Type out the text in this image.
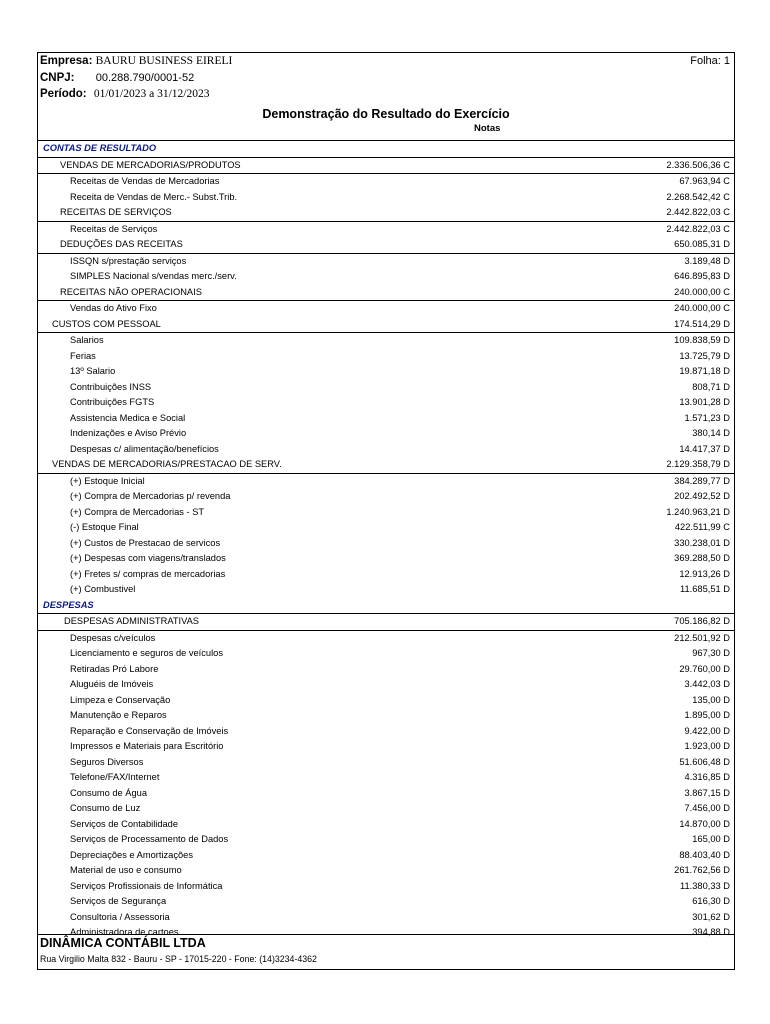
Empresa: BAURU BUSINESS EIRELI	Folha: 1
CNPJ: 00.288.790/0001-52
Período: 01/01/2023 a 31/12/2023
Demonstração do Resultado do Exercício
Notas
CONTAS DE RESULTADO
VENDAS DE MERCADORIAS/PRODUTOS	2.336.506,36 C
Receitas de Vendas de Mercadorias	67.963,94 C
Receita de Vendas de Merc.- Subst.Trib.	2.268.542,42 C
RECEITAS DE SERVIÇOS	2.442.822,03 C
Receitas de Serviços	2.442.822,03 C
DEDUÇÕES DAS RECEITAS	650.085,31 D
ISSQN s/prestação serviços	3.189,48 D
SIMPLES Nacional s/vendas merc./serv.	646.895,83 D
RECEITAS NÃO OPERACIONAIS	240.000,00 C
Vendas do Ativo Fixo	240.000,00 C
CUSTOS COM PESSOAL	174.514,29 D
Salarios	109.838,59 D
Ferias	13.725,79 D
13º Salario	19.871,18 D
Contribuições INSS	808,71 D
Contribuições FGTS	13.901,28 D
Assistencia Medica e Social	1.571,23 D
Indenizações e Aviso Prévio	380,14 D
Despesas c/ alimentação/benefícios	14.417,37 D
VENDAS DE MERCADORIAS/PRESTACAO DE SERV.	2.129.358,79 D
(+) Estoque Inicial	384.289,77 D
(+) Compra de Mercadorias p/ revenda	202.492,52 D
(+) Compra de Mercadorias - ST	1.240.963,21 D
(-) Estoque Final	422.511,99 C
(+) Custos de Prestacao de servicos	330.238,01 D
(+) Despesas com viagens/translados	369.288,50 D
(+) Fretes s/ compras de mercadorias	12.913,26 D
(+) Combustivel	11.685,51 D
DESPESAS
DESPESAS ADMINISTRATIVAS	705.186,82 D
Despesas c/veículos	212.501,92 D
Licenciamento e seguros de veículos	967,30 D
Retiradas Pró Labore	29.760,00 D
Aluguéis de Imóveis	3.442,03 D
Limpeza e Conservação	135,00 D
Manutenção e Reparos	1.895,00 D
Reparação e Conservação de Imóveis	9.422,00 D
Impressos e Materiais para Escritório	1.923,00 D
Seguros Diversos	51.606,48 D
Telefone/FAX/Internet	4.316,85 D
Consumo de Água	3.867,15 D
Consumo de Luz	7.456,00 D
Serviços de Contabilidade	14.870,00 D
Serviços de Processamento de Dados	165,00 D
Depreciações e Amortizações	88.403,40 D
Material de uso e consumo	261.762,56 D
Serviços Profissionais de Informática	11.380,33 D
Serviços de Segurança	616,30 D
Consultoria / Assessoria	301,62 D
Administradora de cartoes	394,88 D
DINÂMICA CONTÁBIL LTDA
Rua Virgilio Malta 832 - Bauru - SP - 17015-220 - Fone: (14)3234-4362
